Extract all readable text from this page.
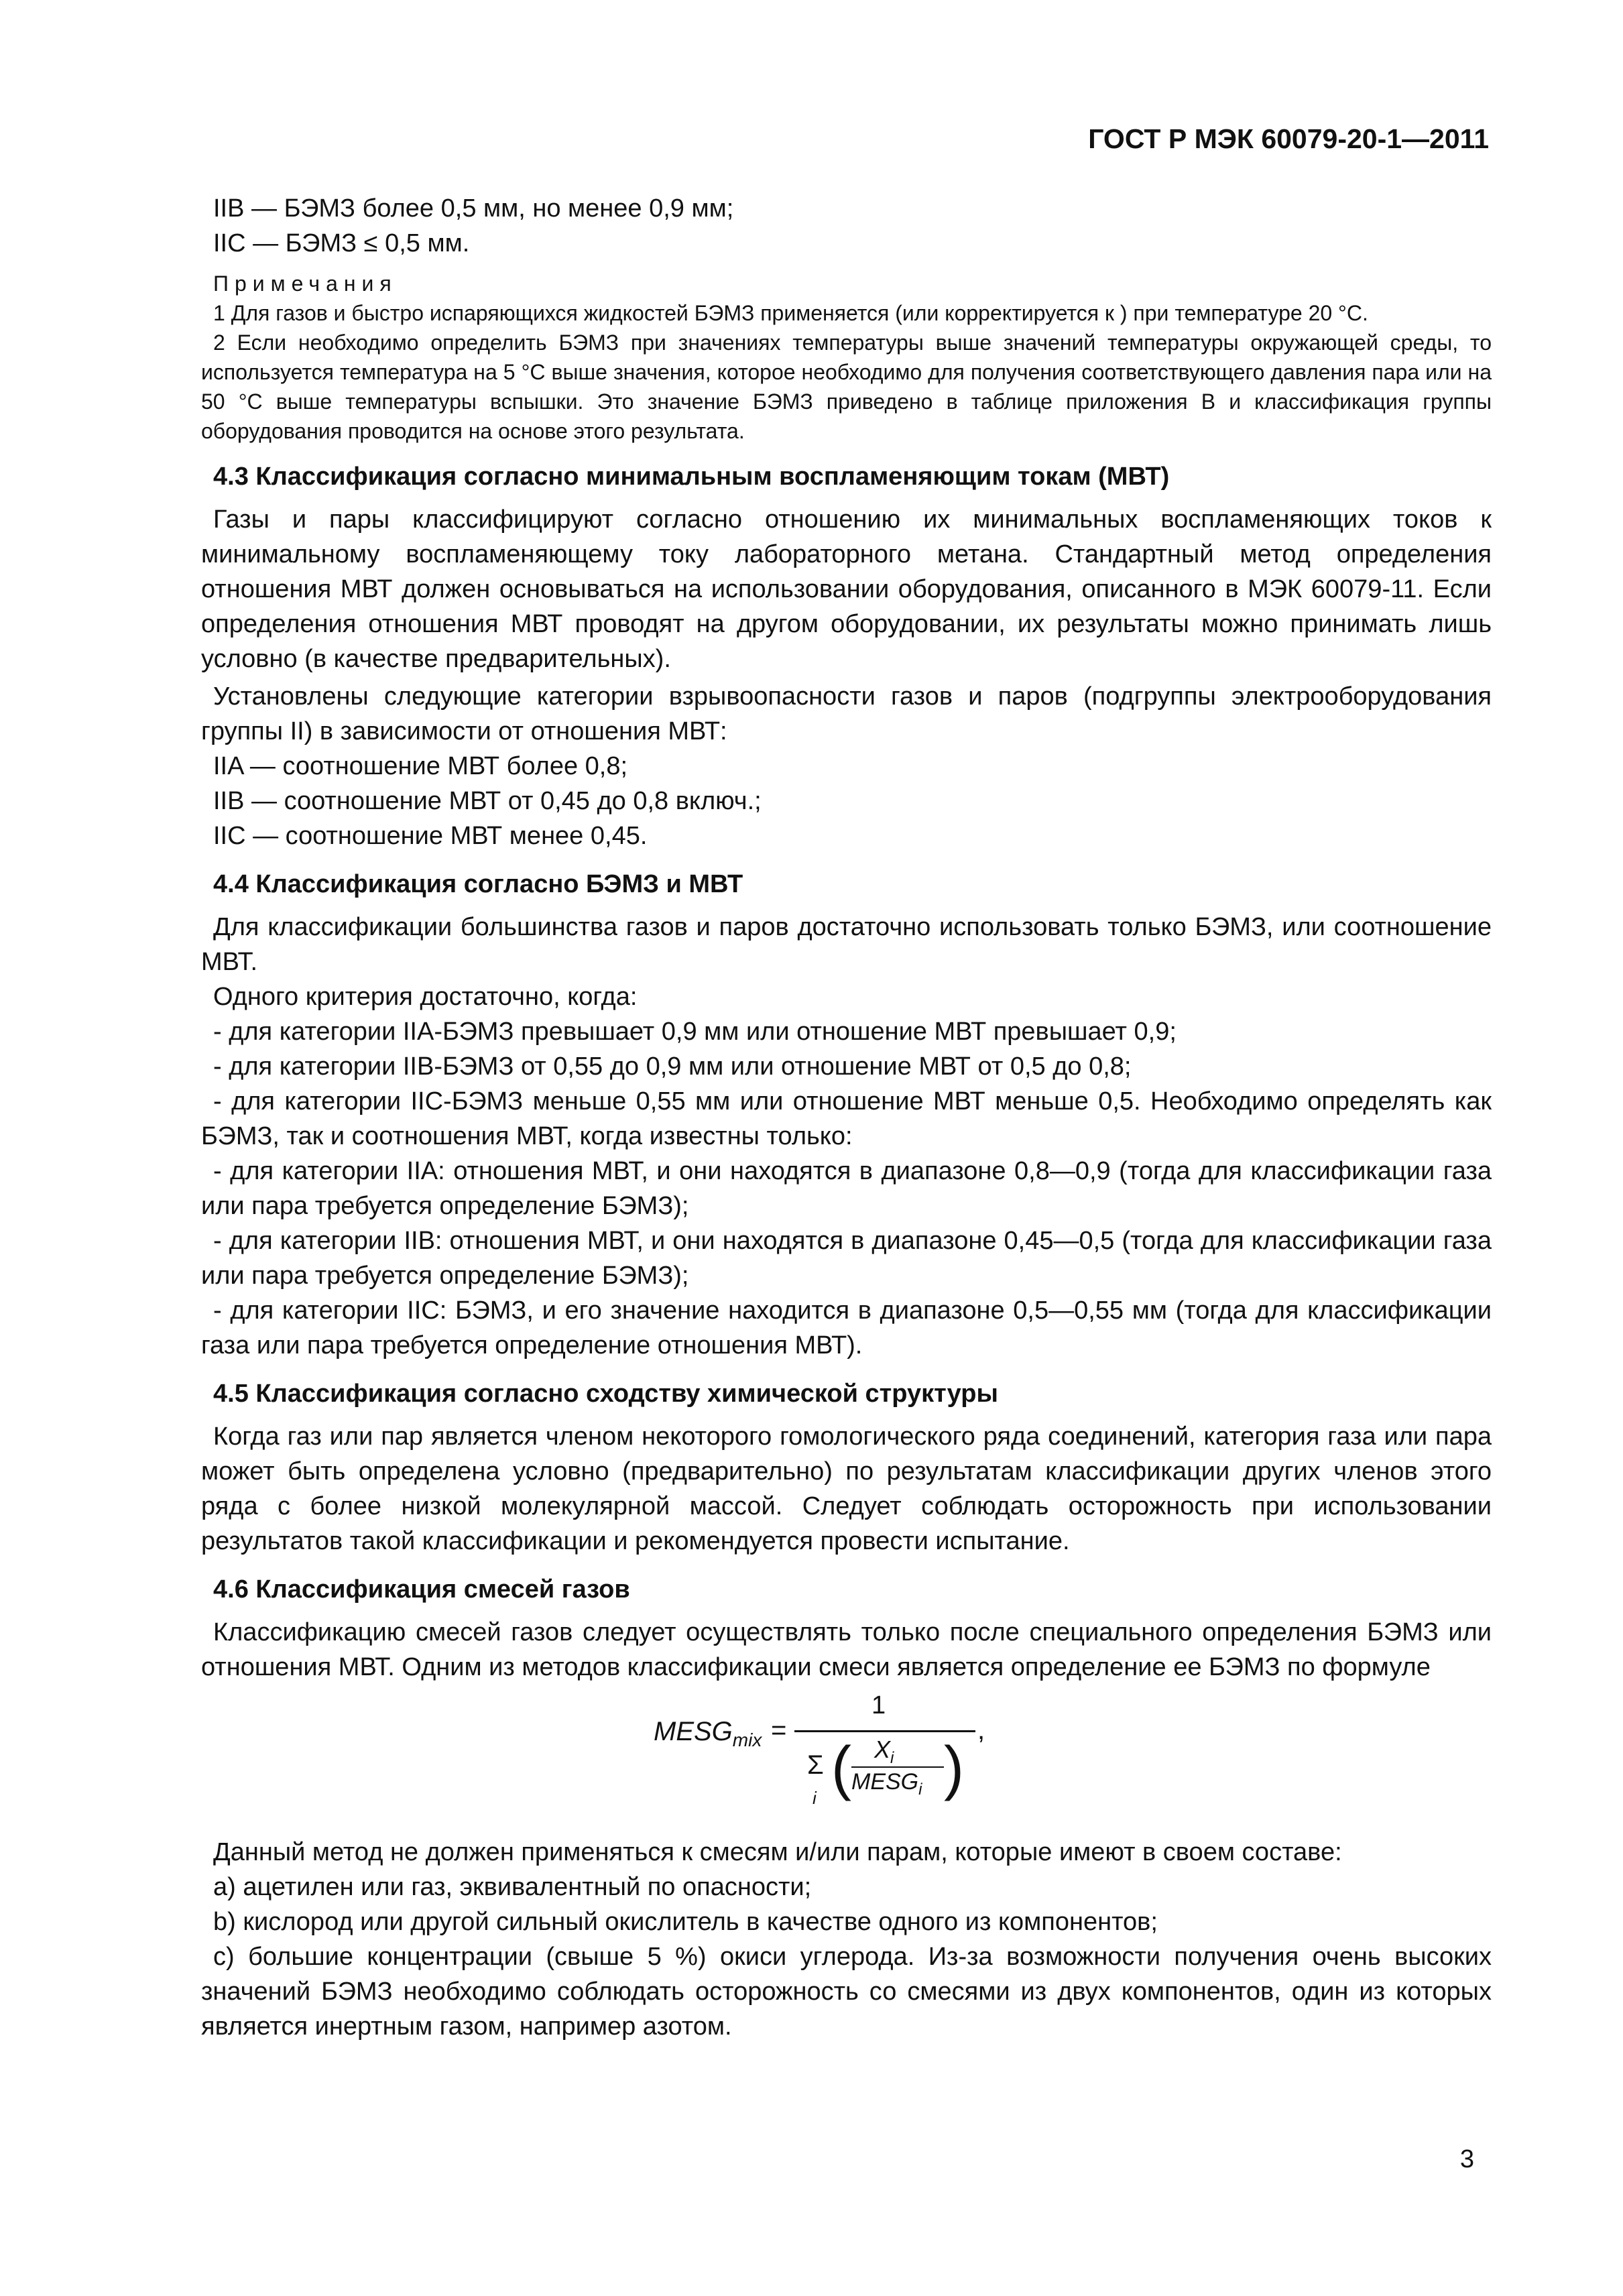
ГОСТ Р МЭК 60079-20-1—2011

IIB — БЭМЗ более 0,5 мм, но менее 0,9 мм;

IIC — БЭМЗ ≤ 0,5 мм.

Примечания

1 Для газов и быстро испаряющихся жидкостей БЭМЗ применяется (или корректируется к ) при температуре 20 °С.

2 Если необходимо определить БЭМЗ при значениях температуры выше значений температуры окружающей среды, то используется температура на 5 °С выше значения, которое необходимо для получения соответствующего давления пара или на 50 °С выше температуры вспышки. Это значение БЭМЗ приведено в таблице приложения В и классификация группы оборудования проводится на основе этого результата.

4.3 Классификация согласно минимальным воспламеняющим токам (МВТ)

Газы и пары классифицируют согласно отношению их минимальных воспламеняющих токов к минимальному воспламеняющему току лабораторного метана. Стандартный метод определения отношения МВТ должен основываться на использовании оборудования, описанного в МЭК 60079-11. Если определения отношения МВТ проводят на другом оборудовании, их результаты можно принимать лишь условно (в качестве предварительных).

Установлены следующие категории взрывоопасности газов и паров (подгруппы электрооборудования группы II) в зависимости от отношения МВТ:

IIA — соотношение МВТ более 0,8;

IIB — соотношение МВТ от 0,45 до 0,8 включ.;

IIC — соотношение МВТ менее 0,45.

4.4 Классификация согласно БЭМЗ и МВТ

Для классификации большинства газов и паров достаточно использовать только БЭМЗ, или соотношение МВТ.

Одного критерия достаточно, когда:

- для категории IIA-БЭМЗ превышает 0,9 мм или отношение МВТ превышает 0,9;

- для категории IIB-БЭМЗ от 0,55 до 0,9 мм или отношение МВТ от 0,5 до 0,8;

- для категории IIC-БЭМЗ меньше 0,55 мм или отношение МВТ меньше 0,5. Необходимо определять как БЭМЗ, так и соотношения МВТ, когда известны только:

- для категории IIA: отношения МВТ, и они находятся в диапазоне 0,8—0,9 (тогда для классификации газа или пара требуется определение БЭМЗ);

- для категории IIB: отношения МВТ, и они находятся в диапазоне 0,45—0,5 (тогда для классификации газа или пара требуется определение БЭМЗ);

- для категории IIC: БЭМЗ, и его значение находится в диапазоне 0,5—0,55 мм (тогда для классификации газа или пара требуется определение отношения МВТ).

4.5 Классификация согласно сходству химической структуры

Когда газ или пар является членом некоторого гомологического ряда соединений, категория газа или пара может быть определена условно (предварительно) по результатам классификации других членов этого ряда с более низкой молекулярной массой. Следует соблюдать осторожность при использовании результатов такой классификации и рекомендуется провести испытание.

4.6 Классификация смесей газов

Классификацию смесей газов следует осуществлять только после специального определения БЭМЗ или отношения МВТ. Одним из методов классификации смеси является определение ее БЭМЗ по формуле

$MESG_{mix}$ =
1
,
Σ
i ( $X_i$
$MESG_i$ )

Данный метод не должен применяться к смесям и/или парам, которые имеют в своем составе:

a) ацетилен или газ, эквивалентный по опасности;

b) кислород или другой сильный окислитель в качестве одного из компонентов;

c) большие концентрации (свыше 5 %) окиси углерода. Из-за возможности получения очень высоких значений БЭМЗ необходимо соблюдать осторожность со смесями из двух компонентов, один из которых является инертным газом, например азотом.

3
